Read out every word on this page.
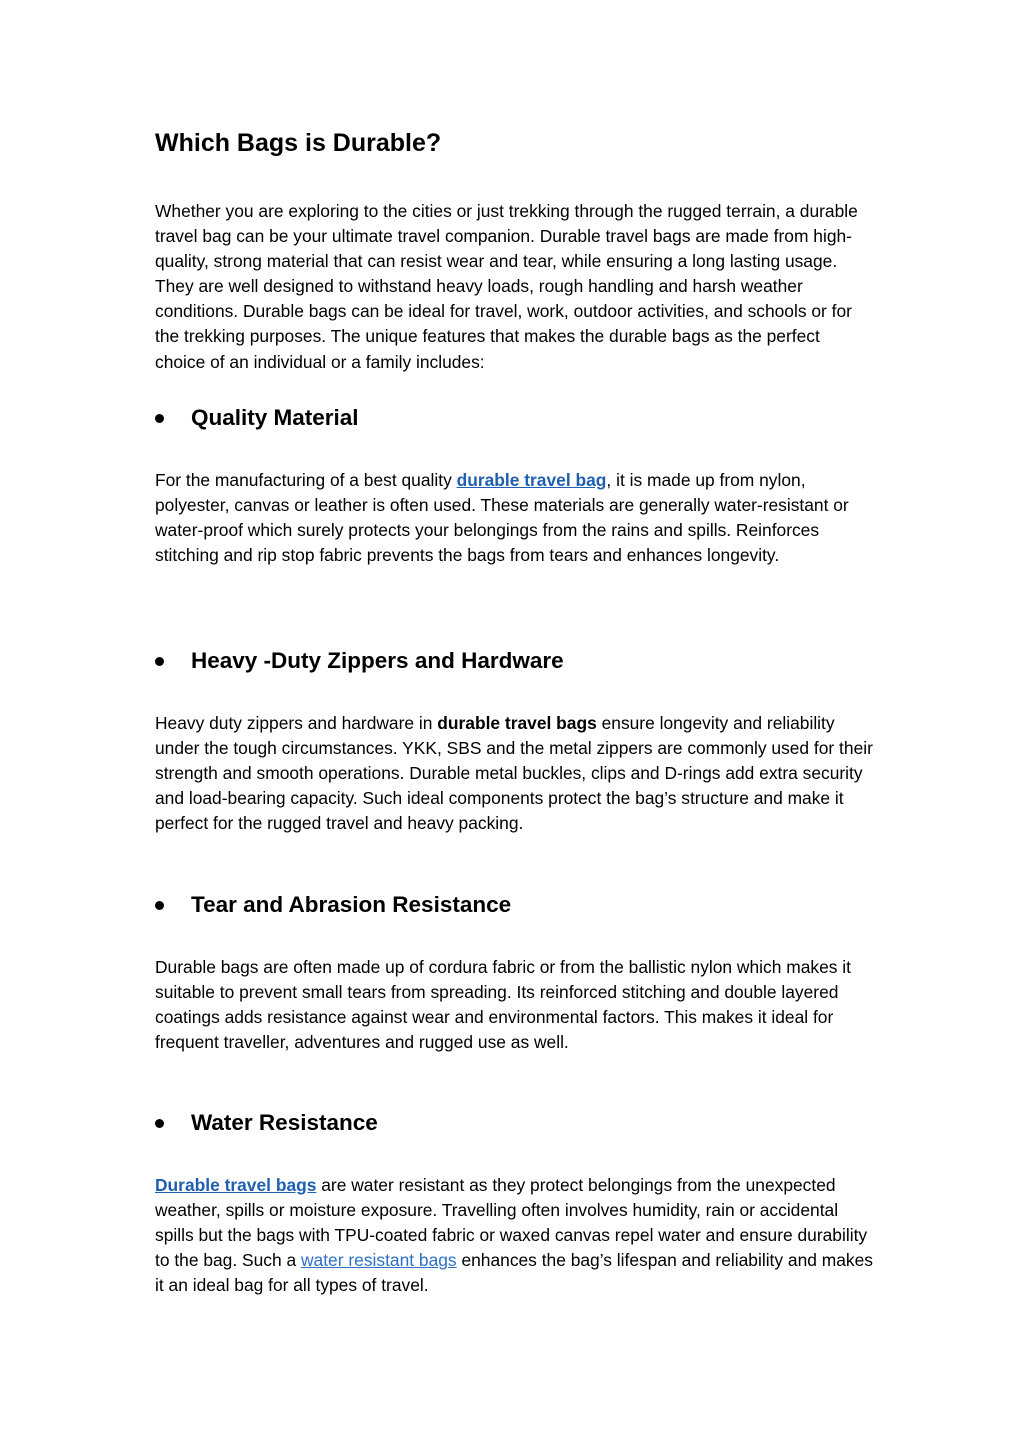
Which Bags is Durable?

Whether you are exploring to the cities or just trekking through the rugged terrain, a durable travel bag can be your ultimate travel companion. Durable travel bags are made from high-quality, strong material that can resist wear and tear, while ensuring a long lasting usage. They are well designed to withstand heavy loads, rough handling and harsh weather conditions. Durable bags can be ideal for travel, work, outdoor activities, and schools or for the trekking purposes. The unique features that makes the durable bags as the perfect choice of an individual or a family includes:

Quality Material

For the manufacturing of a best quality durable travel bag, it is made up from nylon, polyester, canvas or leather is often used. These materials are generally water-resistant or water-proof which surely protects your belongings from the rains and spills. Reinforces stitching and rip stop fabric prevents the bags from tears and enhances longevity.

Heavy -Duty Zippers and Hardware

Heavy duty zippers and hardware in durable travel bags ensure longevity and reliability under the tough circumstances. YKK, SBS and the metal zippers are commonly used for their strength and smooth operations. Durable metal buckles, clips and D-rings add extra security and load-bearing capacity. Such ideal components protect the bag’s structure and make it perfect for the rugged travel and heavy packing.

Tear and Abrasion Resistance

Durable bags are often made up of cordura fabric or from the ballistic nylon which makes it suitable to prevent small tears from spreading. Its reinforced stitching and double layered coatings adds resistance against wear and environmental factors. This makes it ideal for frequent traveller, adventures and rugged use as well.

Water Resistance

Durable travel bags are water resistant as they protect belongings from the unexpected weather, spills or moisture exposure. Travelling often involves humidity, rain or accidental spills but the bags with TPU-coated fabric or waxed canvas repel water and ensure durability to the bag. Such a water resistant bags enhances the bag’s lifespan and reliability and makes it an ideal bag for all types of travel.
